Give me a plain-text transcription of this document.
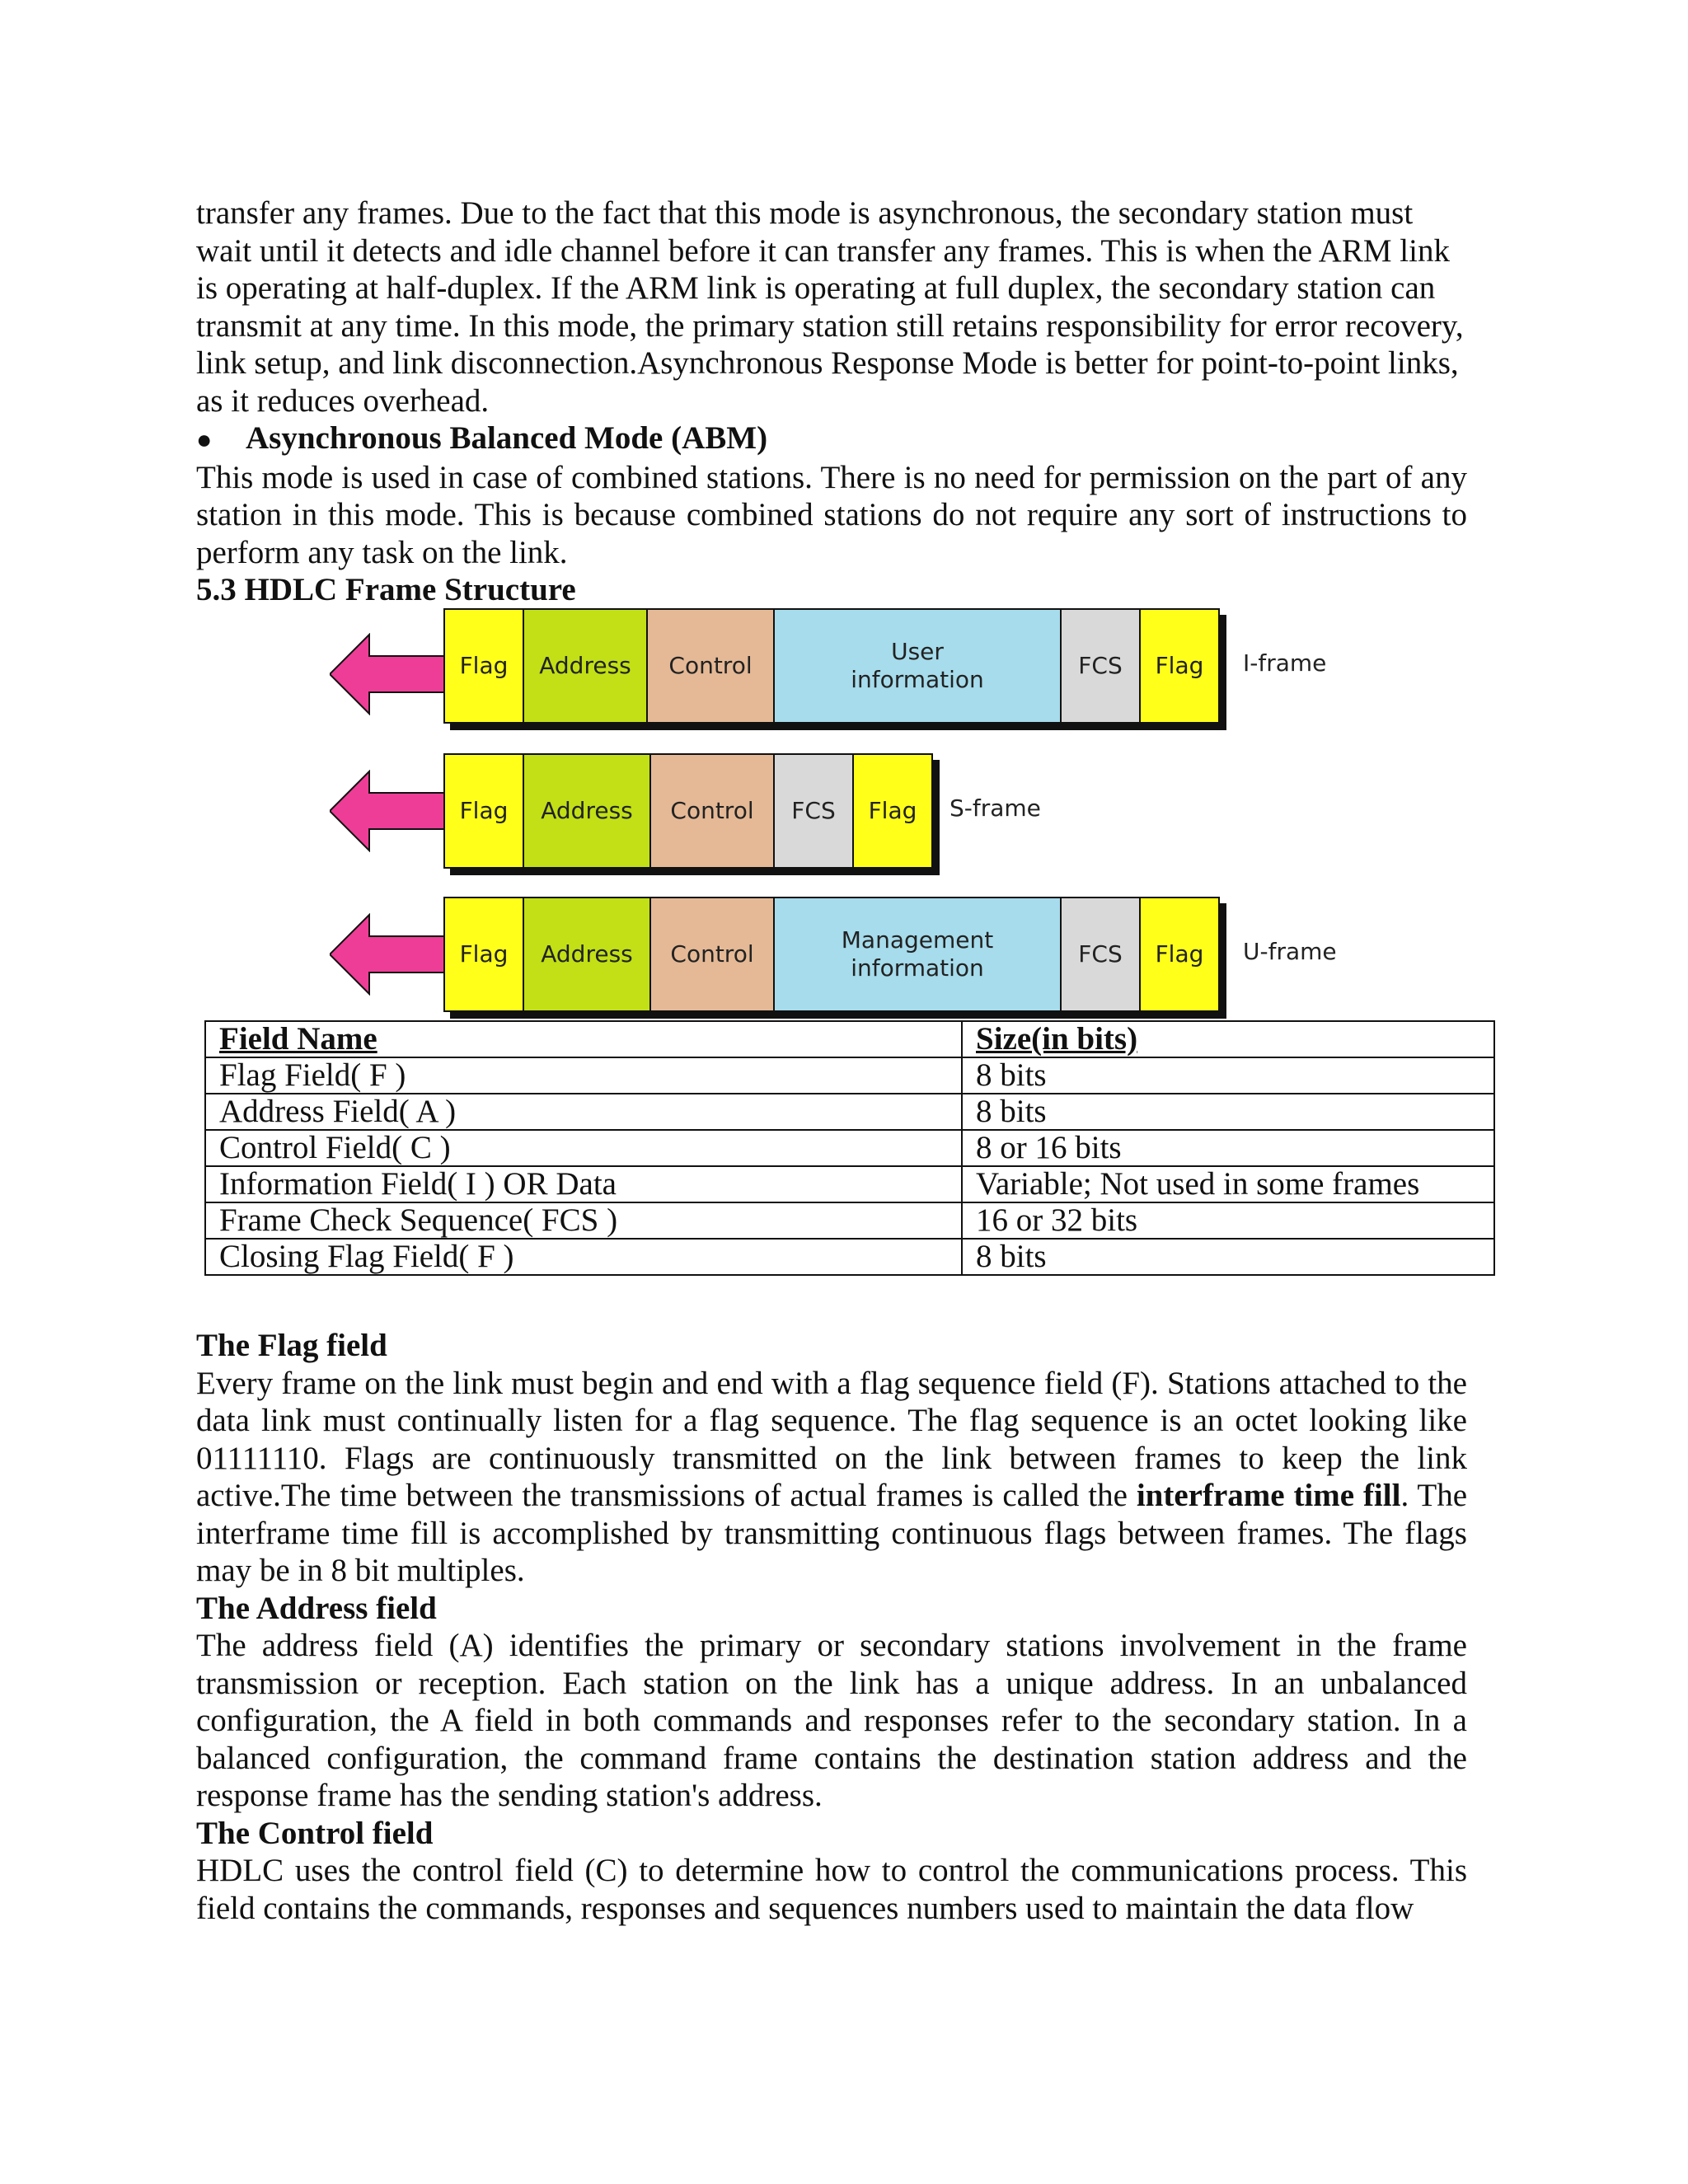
transfer any frames. Due to the fact that this mode is asynchronous, the secondary station must wait until it detects and idle channel before it can transfer any frames. This is when the ARM link is operating at half-duplex. If the ARM link is operating at full duplex, the secondary station can transmit at any time. In this mode, the primary station still retains responsibility for error recovery, link setup, and link disconnection.Asynchronous Response Mode is better for point-to-point links, as it reduces overhead.

●	Asynchronous Balanced Mode (ABM)

This mode is used in case of combined stations. There is no need for permission on the part of any station in this mode. This is because combined stations do not require any sort of instructions to perform any task on the link.

5.3 HDLC Frame Structure
Flag	Address	Control
User information
FCS	Flag	I-frame
Flag	Address	Control	FCS	Flag	S-frame
Flag	Address	Control
Management information
FCS	Flag	U-frame
Field Name	Size(in bits)
Flag Field( F )	8 bits
Address Field( A )	8 bits
Control Field( C )	8 or 16 bits
Information Field( I ) OR Data	Variable; Not used in some frames
Frame Check Sequence( FCS )	16 or 32 bits
Closing Flag Field( F )	8 bits
The Flag field

Every frame on the link must begin and end with a flag sequence field (F). Stations attached to the data link must continually listen for a flag sequence. The flag sequence is an octet looking like 01111110. Flags are continuously transmitted on the link between frames to keep the link active.The time between the transmissions of actual frames is called the interframe time fill. The interframe time fill is accomplished by transmitting continuous flags between frames. The flags may be in 8 bit multiples.

The Address field

The address field (A) identifies the primary or secondary stations involvement in the frame transmission or reception. Each station on the link has a unique address. In an unbalanced configuration, the A field in both commands and responses refer to the secondary station. In a balanced configuration, the command frame contains the destination station address and the response frame has the sending station's address.

The Control field

HDLC uses the control field (C) to determine how to control the communications process. This field contains the commands, responses and sequences numbers used to maintain the data flow
